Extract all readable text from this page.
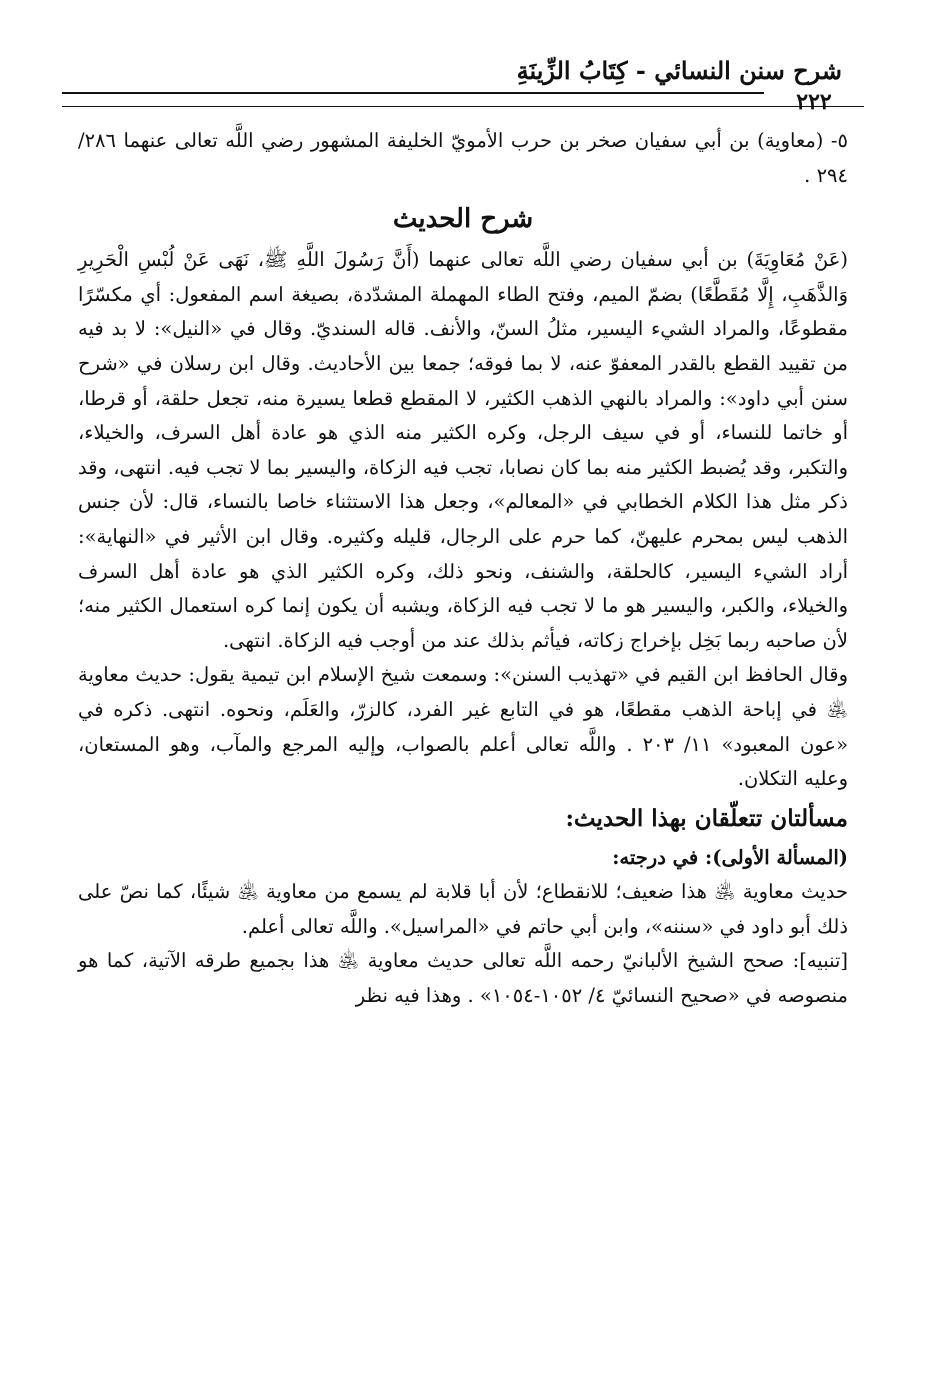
شرح سنن النسائي - كِتَابُ الزِّينَةِ
٢٢٢

٥- (معاوية) بن أبي سفيان صخر بن حرب الأمويّ الخليفة المشهور رضي اللَّه تعالى عنهما ٢٨٦/ ٢٩٤ .

شرح الحديث

(عَنْ مُعَاوِيَةَ) بن أبي سفيان رضي اللَّه تعالى عنهما (أَنَّ رَسُولَ اللَّهِ ﷺ، نَهَى عَنْ لُبْسِ الْحَرِيرِ وَالذَّهَبِ، إِلَّا مُقَطَّعًا) بضمّ الميم، وفتح الطاء المهملة المشدّدة، بصيغة اسم المفعول: أي مكسّرًا مقطوعًا، والمراد الشيء اليسير، مثلُ السنّ، والأنف. قاله السنديّ. وقال في «النيل»: لا بد فيه من تقييد القطع بالقدر المعفوّ عنه، لا بما فوقه؛ جمعا بين الأحاديث. وقال ابن رسلان في «شرح سنن أبي داود»: والمراد بالنهي الذهب الكثير، لا المقطع قطعا يسيرة منه، تجعل حلقة، أو قرطا، أو خاتما للنساء، أو في سيف الرجل، وكره الكثير منه الذي هو عادة أهل السرف، والخيلاء، والتكبر، وقد يُضبط الكثير منه بما كان نصابا، تجب فيه الزكاة، واليسير بما لا تجب فيه. انتهى، وقد ذكر مثل هذا الكلام الخطابي في «المعالم»، وجعل هذا الاستثناء خاصا بالنساء، قال: لأن جنس الذهب ليس بمحرم عليهنّ، كما حرم على الرجال، قليله وكثيره. وقال ابن الأثير في «النهاية»: أراد الشيء اليسير، كالحلقة، والشنف، ونحو ذلك، وكره الكثير الذي هو عادة أهل السرف والخيلاء، والكبر، واليسير هو ما لا تجب فيه الزكاة، ويشبه أن يكون إنما كره استعمال الكثير منه؛ لأن صاحبه ربما بَخِل بإخراج زكاته، فيأثم بذلك عند من أوجب فيه الزكاة. انتهى.

وقال الحافظ ابن القيم في «تهذيب السنن»: وسمعت شيخ الإسلام ابن تيمية يقول: حديث معاوية ﵁ في إباحة الذهب مقطعًا، هو في التابع غير الفرد، كالزرّ، والعَلَم، ونحوه. انتهى. ذكره في «عون المعبود» ١١/ ٢٠٣ . واللَّه تعالى أعلم بالصواب، وإليه المرجع والمآب، وهو المستعان، وعليه التكلان.

مسألتان تتعلّقان بهذا الحديث:

(المسألة الأولى): في درجته:

حديث معاوية ﵁ هذا ضعيف؛ للانقطاع؛ لأن أبا قلابة لم يسمع من معاوية ﵁ شيئًا، كما نصّ على ذلك أبو داود في «سننه»، وابن أبي حاتم في «المراسيل». واللَّه تعالى أعلم.

[تنبيه]: صحح الشيخ الألبانيّ رحمه اللَّه تعالى حديث معاوية ﵁ هذا بجميع طرقه الآتية، كما هو منصوصه في «صحيح النسائيّ ٤/ ١٠٥٢-١٠٥٤» . وهذا فيه نظر
